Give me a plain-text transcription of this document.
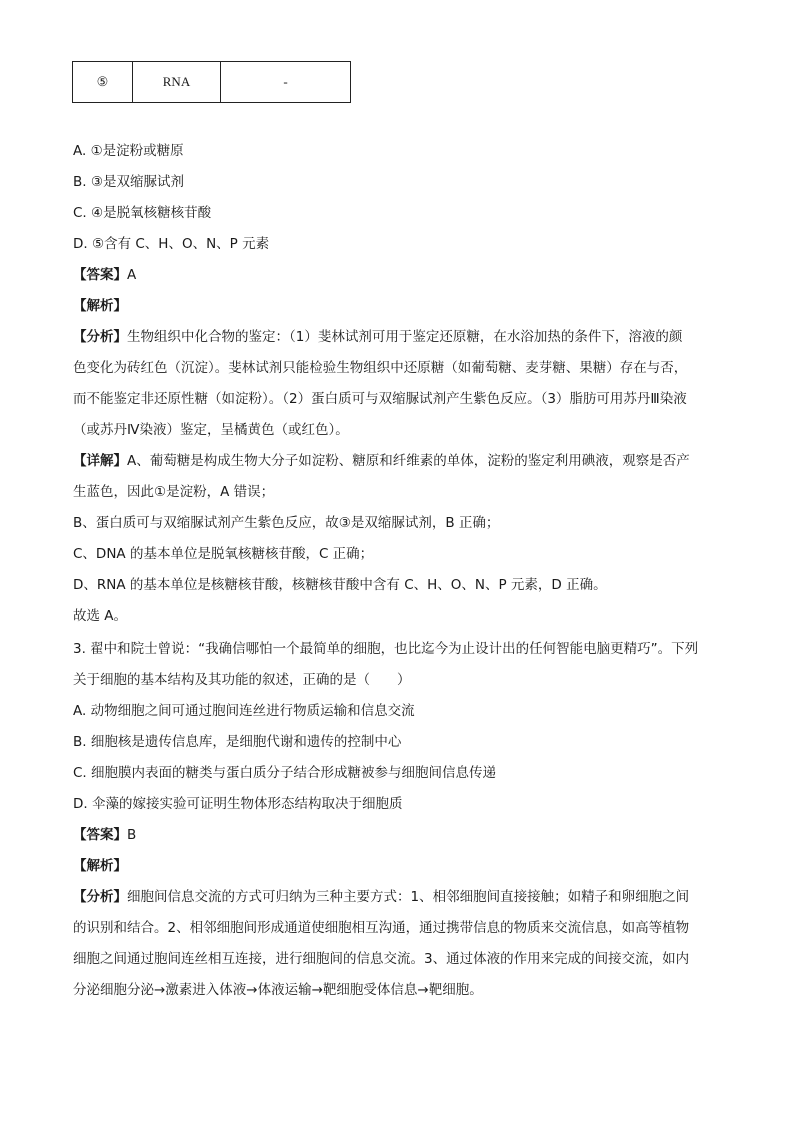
⑤	RNA	-
A. ①是淀粉或糖原
B. ③是双缩脲试剂
C. ④是脱氧核糖核苷酸
D. ⑤含有 C、H、O、N、P 元素
【答案】A
【解析】
【分析】生物组织中化合物的鉴定：（1）斐林试剂可用于鉴定还原糖，在水浴加热的条件下，溶液的颜
色变化为砖红色（沉淀）。斐林试剂只能检验生物组织中还原糖（如葡萄糖、麦芽糖、果糖）存在与否，
而不能鉴定非还原性糖（如淀粉）。（2）蛋白质可与双缩脲试剂产生紫色反应。（3）脂肪可用苏丹Ⅲ染液
（或苏丹Ⅳ染液）鉴定，呈橘黄色（或红色）。
【详解】A、葡萄糖是构成生物大分子如淀粉、糖原和纤维素的单体，淀粉的鉴定利用碘液，观察是否产
生蓝色，因此①是淀粉，A 错误；
B、蛋白质可与双缩脲试剂产生紫色反应，故③是双缩脲试剂，B 正确；
C、DNA 的基本单位是脱氧核糖核苷酸，C 正确；
D、RNA 的基本单位是核糖核苷酸，核糖核苷酸中含有 C、H、O、N、P 元素，D 正确。
故选 A。
3. 翟中和院士曾说：“我确信哪怕一个最简单的细胞，也比迄今为止设计出的任何智能电脑更精巧”。下列
关于细胞的基本结构及其功能的叙述，正确的是（　　）
A. 动物细胞之间可通过胞间连丝进行物质运输和信息交流
B. 细胞核是遗传信息库，是细胞代谢和遗传的控制中心
C. 细胞膜内表面的糖类与蛋白质分子结合形成糖被参与细胞间信息传递
D. 伞藻的嫁接实验可证明生物体形态结构取决于细胞质
【答案】B
【解析】
【分析】细胞间信息交流的方式可归纳为三种主要方式：1、相邻细胞间直接接触；如精子和卵细胞之间
的识别和结合。2、相邻细胞间形成通道使细胞相互沟通，通过携带信息的物质来交流信息，如高等植物
细胞之间通过胞间连丝相互连接，进行细胞间的信息交流。3、通过体液的作用来完成的间接交流，如内
分泌细胞分泌→激素进入体液→体液运输→靶细胞受体信息→靶细胞。
